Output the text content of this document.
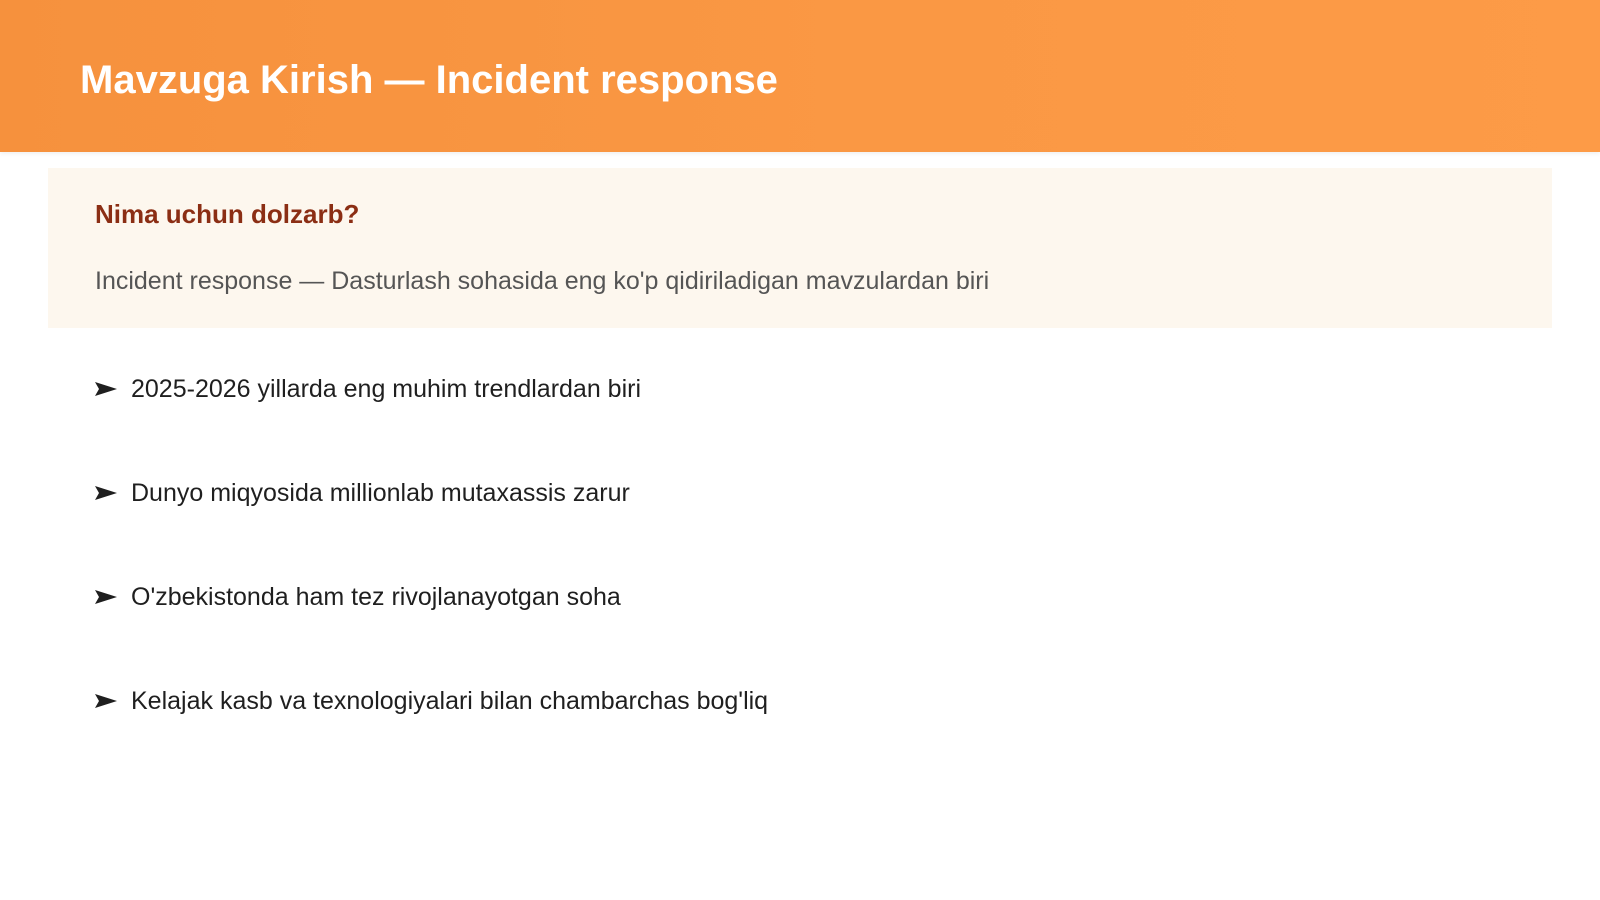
Mavzuga Kirish — Incident response
Nima uchun dolzarb?

Incident response — Dasturlash sohasida eng ko'p qidiriladigan mavzulardan biri

2025-2026 yillarda eng muhim trendlardan biri
Dunyo miqyosida millionlab mutaxassis zarur
O'zbekistonda ham tez rivojlanayotgan soha
Kelajak kasb va texnologiyalari bilan chambarchas bog'liq
